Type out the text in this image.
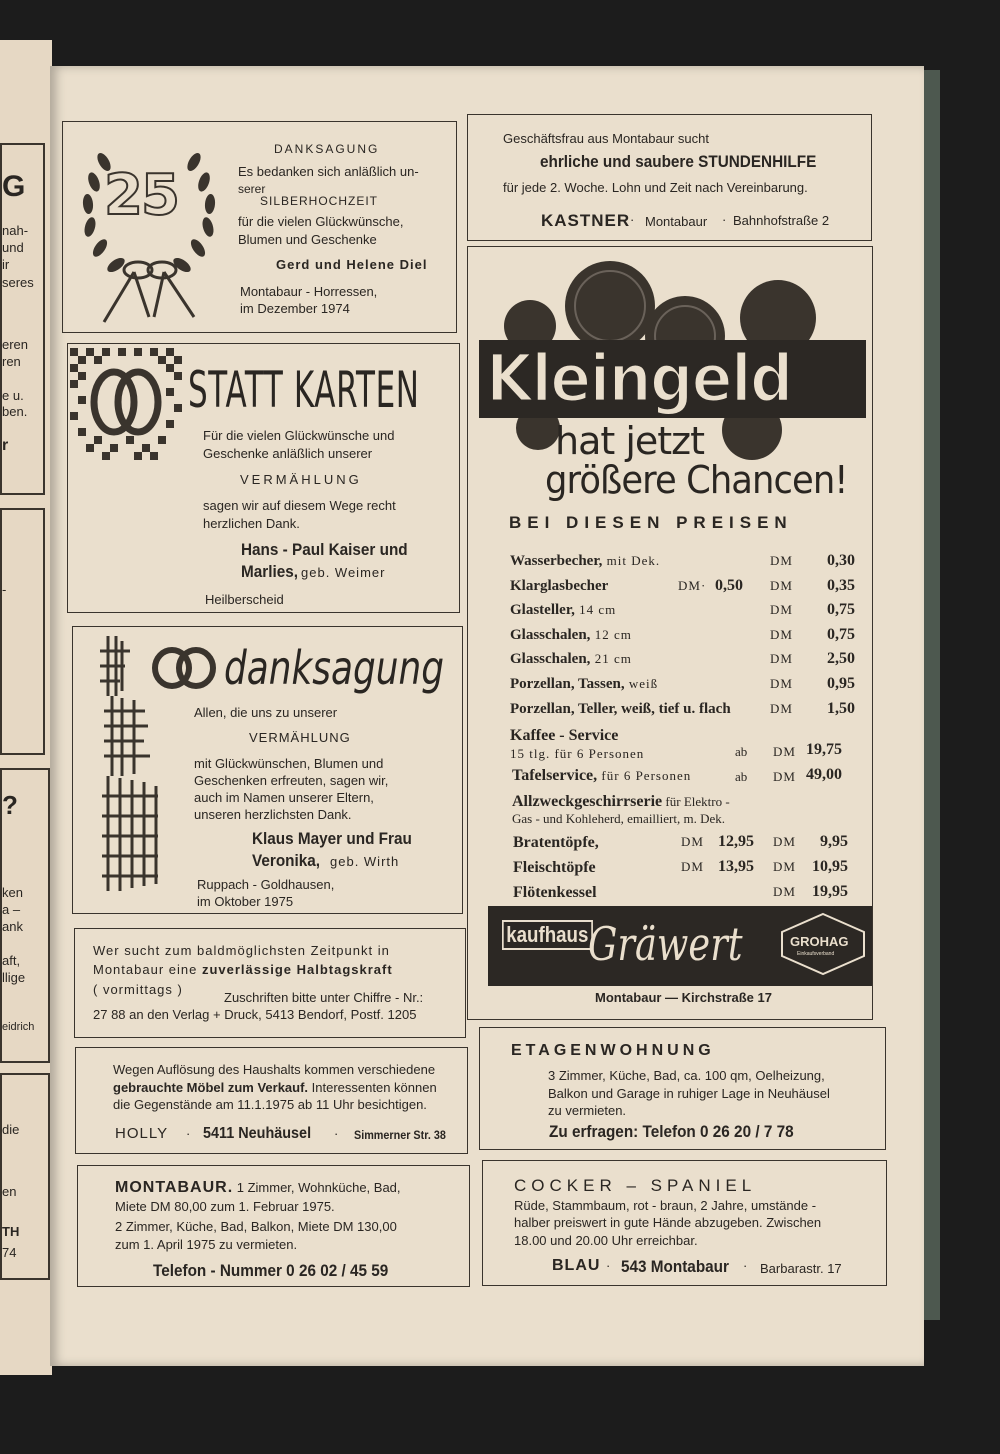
G
nah-
und
ir
seres
eren
ren
e u.
ben.
r
-
?
ken
a –
ank
aft,
llige
eidrich
die
en
TH
74
25
DANKSAGUNG
Es bedanken sich anläßlich un-
serer
SILBERHOCHZEIT
für die vielen Glückwünsche,
Blumen und Geschenke
Gerd und Helene Diel
Montabaur - Horressen,
im Dezember 1974
STATT KARTEN
Für die vielen Glückwünsche und
Geschenke anläßlich unserer
VERMÄHLUNG
sagen wir auf diesem Wege recht
herzlichen Dank.
Hans - Paul Kaiser und
Marlies, geb. Weimer
Heilberscheid
danksagung
Allen, die uns zu unserer
VERMÄHLUNG
mit Glückwünschen, Blumen und
Geschenken erfreuten, sagen wir,
auch im Namen unserer Eltern,
unseren herzlichsten Dank.
Klaus Mayer und Frau
Veronika, geb. Wirth
Ruppach - Goldhausen,
im Oktober 1975
Wer sucht zum baldmöglichsten Zeitpunkt in
Montabaur eine zuverlässige Halbtagskraft
( vormittags )
Zuschriften bitte unter Chiffre - Nr.:
27 88 an den Verlag + Druck, 5413 Bendorf, Postf. 1205
Wegen Auflösung des Haushalts kommen verschiedene
gebrauchte Möbel zum Verkauf. Interessenten können
die Gegenstände am 11.1.1975 ab 11 Uhr besichtigen.
HOLLY · 5411 Neuhäusel · Simmerner Str. 38
MONTABAUR. 1 Zimmer, Wohnküche, Bad,
Miete DM 80,00 zum 1. Februar 1975.
2 Zimmer, Küche, Bad, Balkon, Miete DM 130,00
zum 1. April 1975 zu vermieten.
Telefon - Nummer 0 26 02 / 45 59
Geschäftsfrau aus Montabaur sucht
ehrliche und saubere STUNDENHILFE
für jede 2. Woche. Lohn und Zeit nach Vereinbarung.
KASTNER · Montabaur · Bahnhofstraße 2
Kleingeld
hat jetzt
größere Chancen!
BEI DIESEN PREISEN
Wasserbecher, mit Dek.	DM 0,30
Klarglasbecher	DM· 0,50 DM 0,35
Glasteller, 14 cm	DM 0,75
Glasschalen, 12 cm	DM 0,75
Glasschalen, 21 cm	DM 2,50
Porzellan, Tassen, weiß	DM 0,95
Porzellan, Teller, weiß, tief u. flach	DM 1,50
Kaffee - Service
15 tlg. für 6 Personen	ab DM 19,75
Tafelservice, für 6 Personen	ab DM 49,00
Allzweckgeschirrserie für Elektro -
Gas - und Kohleherd, emailliert, m. Dek.
Bratentöpfe,	DM 12,95 DM 9,95
Fleischtöpfe	DM 13,95 DM 10,95
Flötenkessel	DM 19,95
kaufhaus Gräwert	GROHAG
Einkaufsverband
Montabaur — Kirchstraße 17
ETAGENWOHNUNG
3 Zimmer, Küche, Bad, ca. 100 qm, Oelheizung,
Balkon und Garage in ruhiger Lage in Neuhäusel
zu vermieten.
Zu erfragen: Telefon 0 26 20 / 7 78
COCKER – SPANIEL
Rüde, Stammbaum, rot - braun, 2 Jahre, umstände -
halber preiswert in gute Hände abzugeben. Zwischen
18.00 und 20.00 Uhr erreichbar.
BLAU · 543 Montabaur · Barbarastr. 17
